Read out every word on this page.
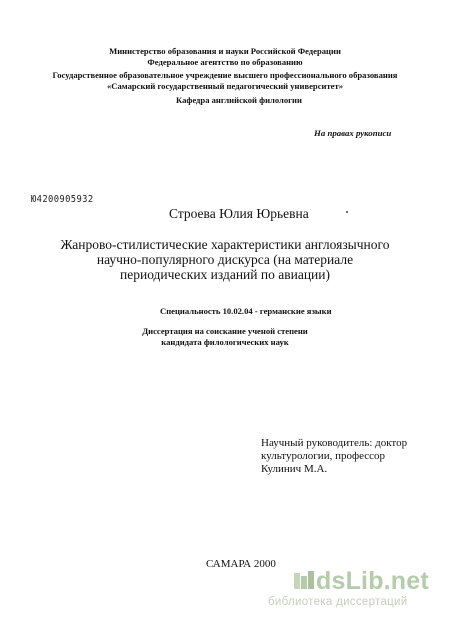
Министерство образования и науки Российской Федерации
Федеральное агентство по образованию
Государственное образовательное учреждение высшего профессионального образования
«Самарский государственный педагогический университет»
Кафедра английской филологии
На правах рукописи
Ю4200905932
Строева Юлия Юрьевна
Жанрово-стилистические характеристики англоязычного
научно-популярного дискурса (на материале
периодических изданий по авиации)
Специальность 10.02.04 - германские языки
Диссертация на соискание ученой степени
кандидата филологических наук
Научный руководитель: доктор
культурологии, профессор
Кулинич М.А.
САМАРА 2000
dsLib.net
библиотека диссертаций
